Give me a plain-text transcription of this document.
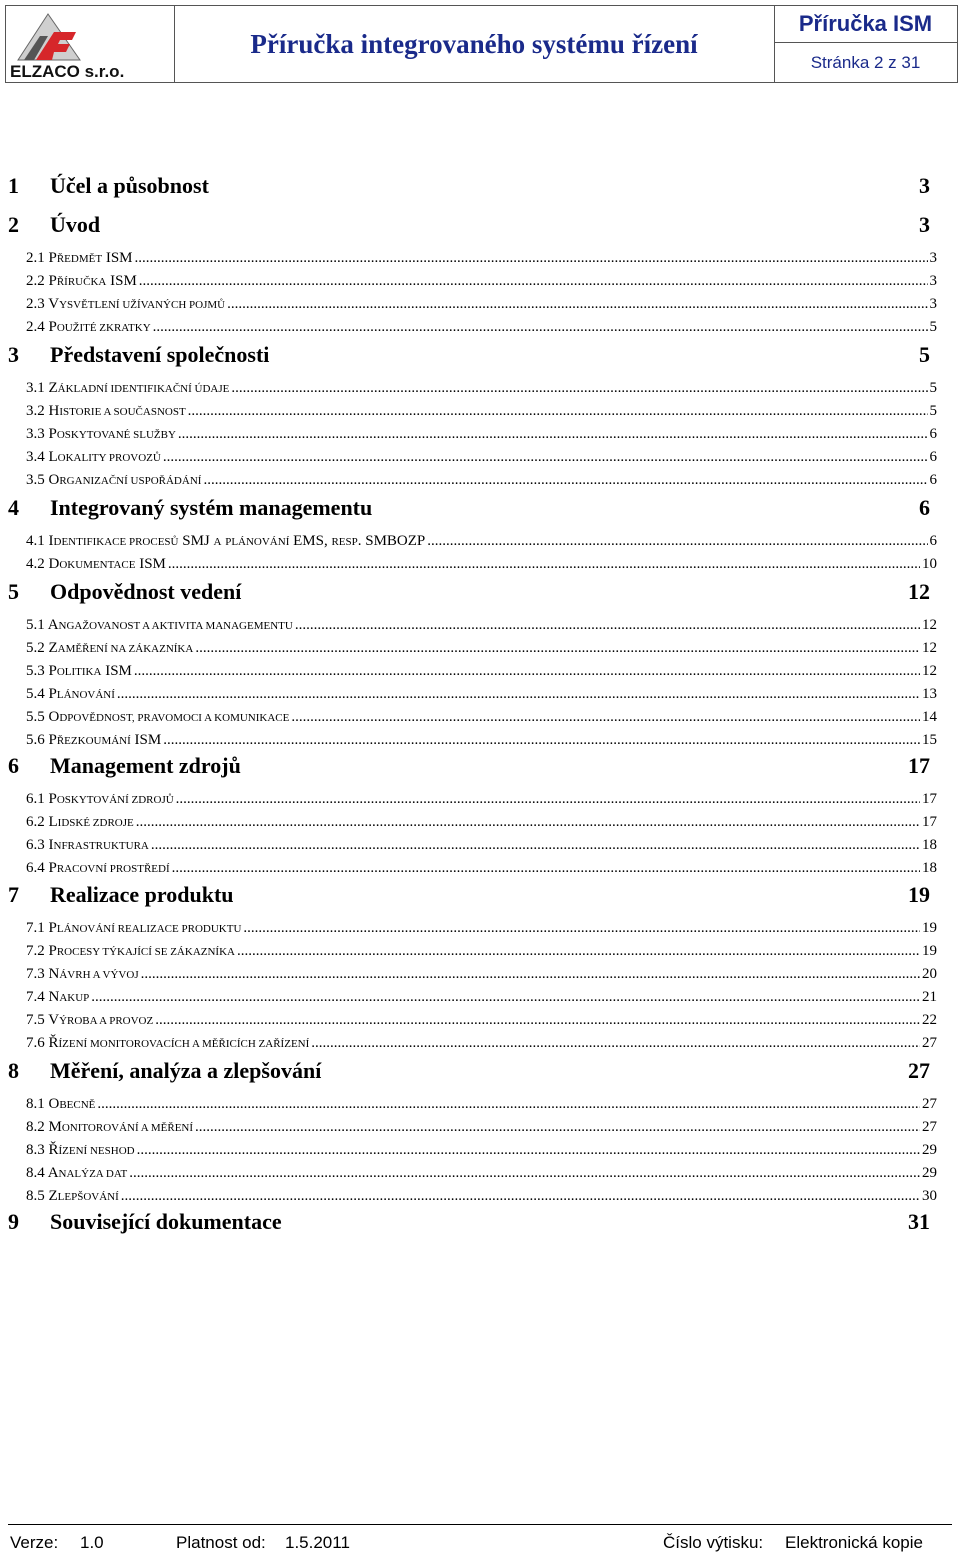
ELZACO s.r.o.
Příručka integrovaného systému řízení
Příručka ISM
Stránka 2 z 31
1 Účel a působnost	3
2 Úvod	3
2.1 PŘEDMĚT ISM .....	3
2.2 PŘÍRUČKA ISM .....	3
2.3 VYSVĚTLENÍ UŽÍVANÝCH POJMŮ .....	3
2.4 POUŽITÉ ZKRATKY .....	5
3 Představení společnosti	5
3.1 ZÁKLADNÍ IDENTIFIKAČNÍ ÚDAJE .....	5
3.2 HISTORIE A SOUČASNOST .....	5
3.3 POSKYTOVANÉ SLUŽBY .....	6
3.4 LOKALITY PROVOZŮ .....	6
3.5 ORGANIZAČNÍ USPOŘÁDÁNÍ .....	6
4 Integrovaný systém managementu	6
4.1 IDENTIFIKACE PROCESŮ SMJ a plánování EMS, resp. SMBOZP .....	6
4.2 DOKUMENTACE ISM .....	10
5 Odpovědnost vedení	12
5.1 ANGAŽOVANOST A AKTIVITA MANAGEMENTU .....	12
5.2 ZAMĚŘENÍ NA ZÁKAZNÍKA .....	12
5.3 POLITIKA ISM .....	12
5.4 PLÁNOVÁNÍ .....	13
5.5 ODPOVĚDNOST, PRAVOMOCI A KOMUNIKACE .....	14
5.6 PŘEZKOUMÁNÍ ISM .....	15
6 Management zdrojů	17
6.1 POSKYTOVÁNÍ ZDROJŮ .....	17
6.2 LIDSKÉ ZDROJE .....	17
6.3 INFRASTRUKTURA .....	18
6.4 PRACOVNÍ PROSTŘEDÍ .....	18
7 Realizace produktu	19
7.1 PLÁNOVÁNÍ REALIZACE PRODUKTU .....	19
7.2 PROCESY TÝKAJÍCÍ SE ZÁKAZNÍKA .....	19
7.3 NÁVRH A VÝVOJ .....	20
7.4 NAKUP .....	21
7.5 VÝROBA A PROVOZ .....	22
7.6 ŘÍZENÍ MONITOROVACÍCH A MĚŘICÍCH ZAŘÍZENÍ .....	27
8 Měření, analýza a zlepšování	27
8.1 OBECNĚ .....	27
8.2 MONITOROVÁNÍ A MĚŘENÍ .....	27
8.3 ŘÍZENÍ NESHOD .....	29
8.4 ANALÝZA DAT .....	29
8.5 ZLEPŠOVÁNÍ .....	30
9 Související dokumentace	31
Verze: 1.0	Platnost od: 1.5.2011	Číslo výtisku: Elektronická kopie
